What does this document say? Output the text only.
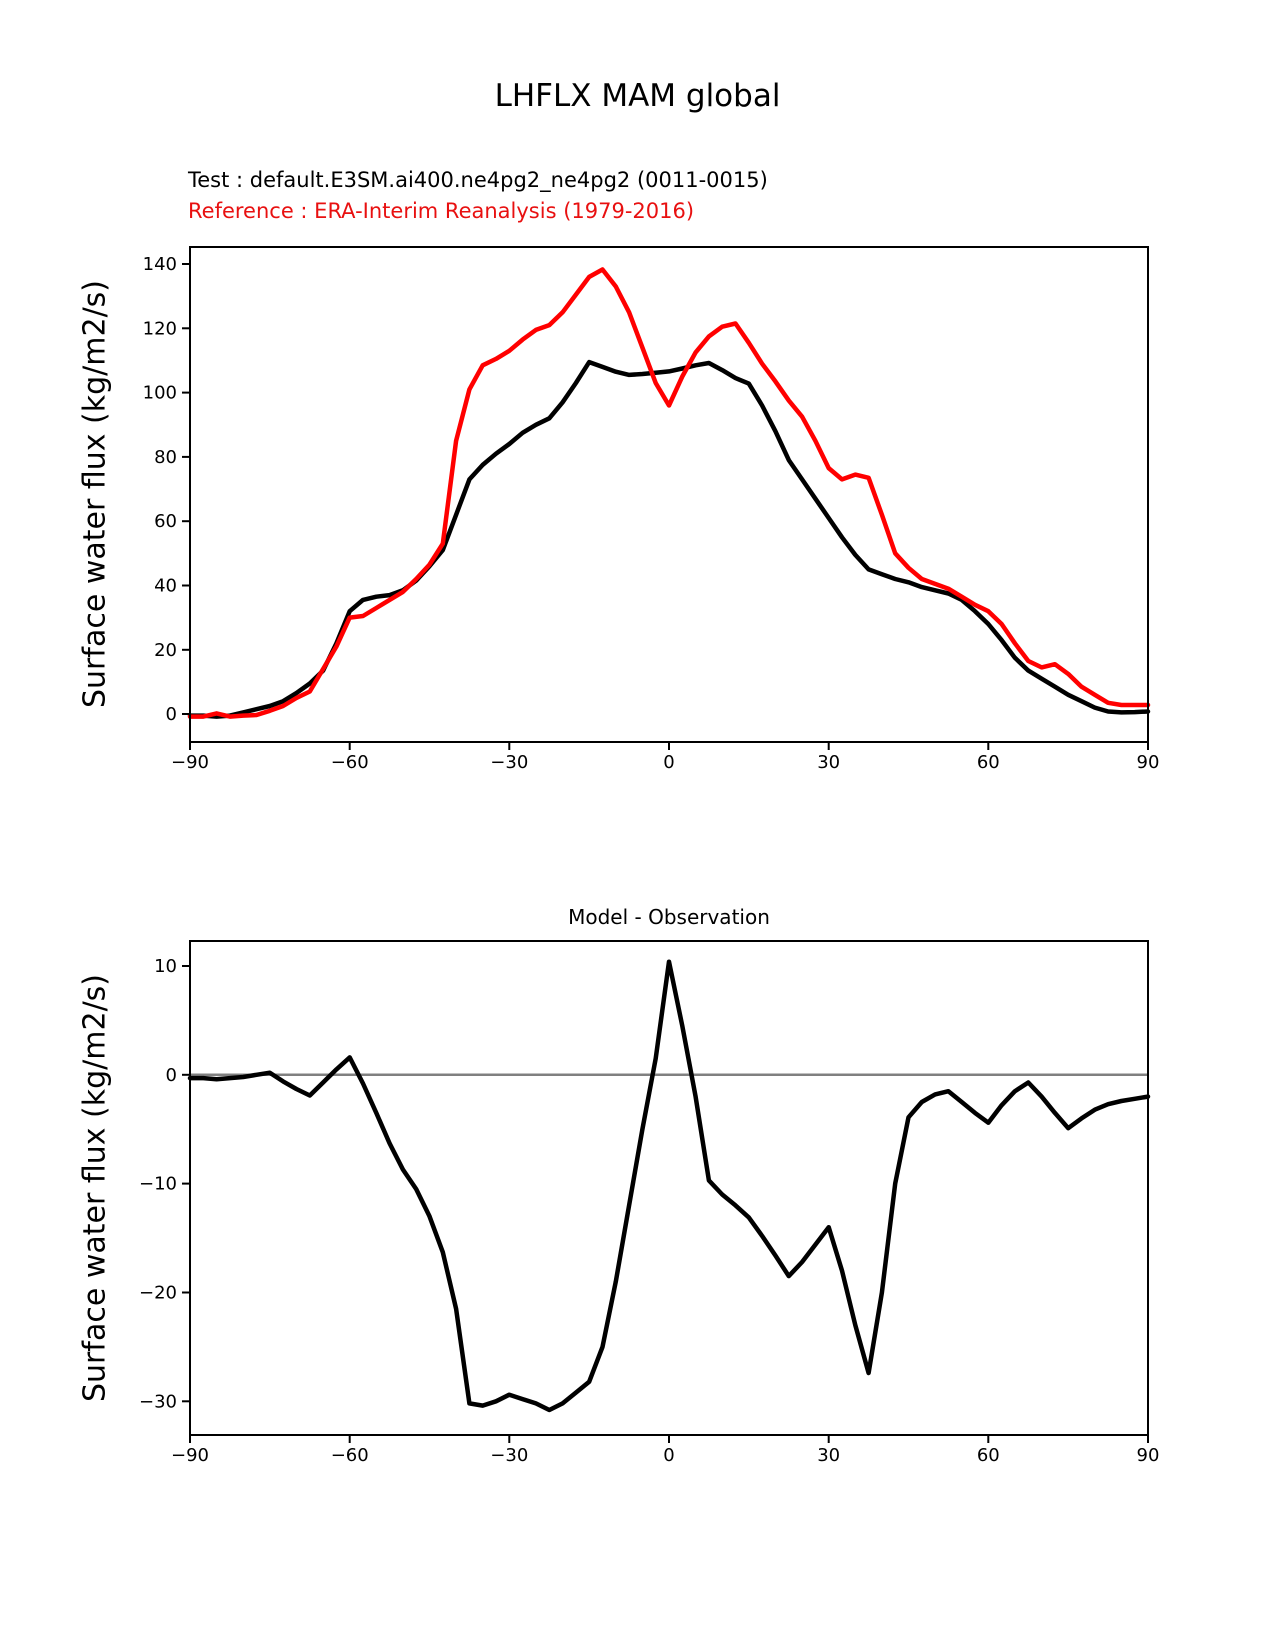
LHFLX MAM global
Test : default.E3SM.ai400.ne4pg2_ne4pg2 (0011-0015)
Reference : ERA-Interim Reanalysis (1979-2016)
Surface water flux (kg/m2/s)
Surface water flux (kg/m2/s)
Model - Observation
−90	−60	−30	0	30	60	90
0
20
40
60
80
100
120
140
−90	−60	−30	0	30	60	90
10
0
−10
−20
−30
